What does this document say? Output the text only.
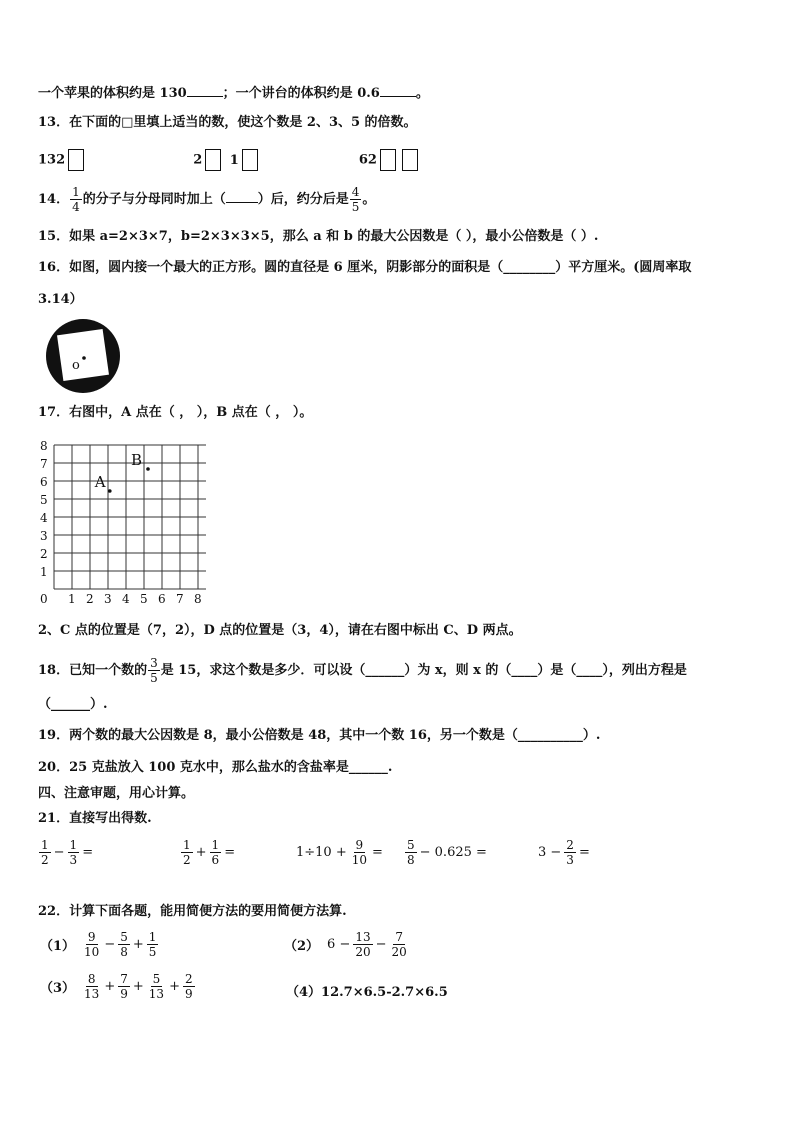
一个苹果的体积约是 130	；一个讲台的体积约是 0.6	。
13．在下面的□里填上适当的数，使这个数是 2、3、5 的倍数。
132	2 1	62
14． $\frac{1}{4}$ 的分子与分母同时加上（ ）后，约分后是 $\frac{4}{5}$ 。
15．如果 a=2×3×7，b=2×3×3×5，那么 a 和 b 的最大公因数是（ ），最小公倍数是（ ）.
16．如图，圆内接一个最大的正方形。圆的直径是 6 厘米，阴影部分的面积是（________）平方厘米。(圆周率取
3.14）
o
17．右图中，A 点在（ ， ），B 点在（ ， ）。
0 1 2 3 4 5 6 7 8
1
2
3
4
5
6
7
8
A
B
2、C 点的位置是（7，2），D 点的位置是（3，4），请在右图中标出 C、D 两点。
18．已知一个数的 $\frac{3}{5}$ 是 15，求这个数是多少．可以设（______）为 x，则 x 的（____）是（____），列出方程是
（______）.
19．两个数的最大公因数是 8，最小公倍数是 48，其中一个数 16，另一个数是（__________）.
20．25 克盐放入 100 克水中，那么盐水的含盐率是______.
四、注意审题，用心计算。
21．直接写出得数.
$\frac{1}{2} - \frac{1}{3}$ =	$\frac{1}{2} + \frac{1}{6}$ =	$1\div 10 + \frac{9}{10} = \frac{5}{8} - 0.625$ =	$3 - \frac{2}{3}$ =
22．计算下面各题，能用简便方法的要用简便方法算.
$(1) \frac{9}{10} - \frac{5}{8} + \frac{1}{5}$	（2） $6 - \frac{13}{20} - \frac{7}{20}$
$(3) \frac{8}{13} + \frac{7}{9} + \frac{5}{13} + \frac{2}{9}$	（4）12.7×6.5-2.7×6.5
